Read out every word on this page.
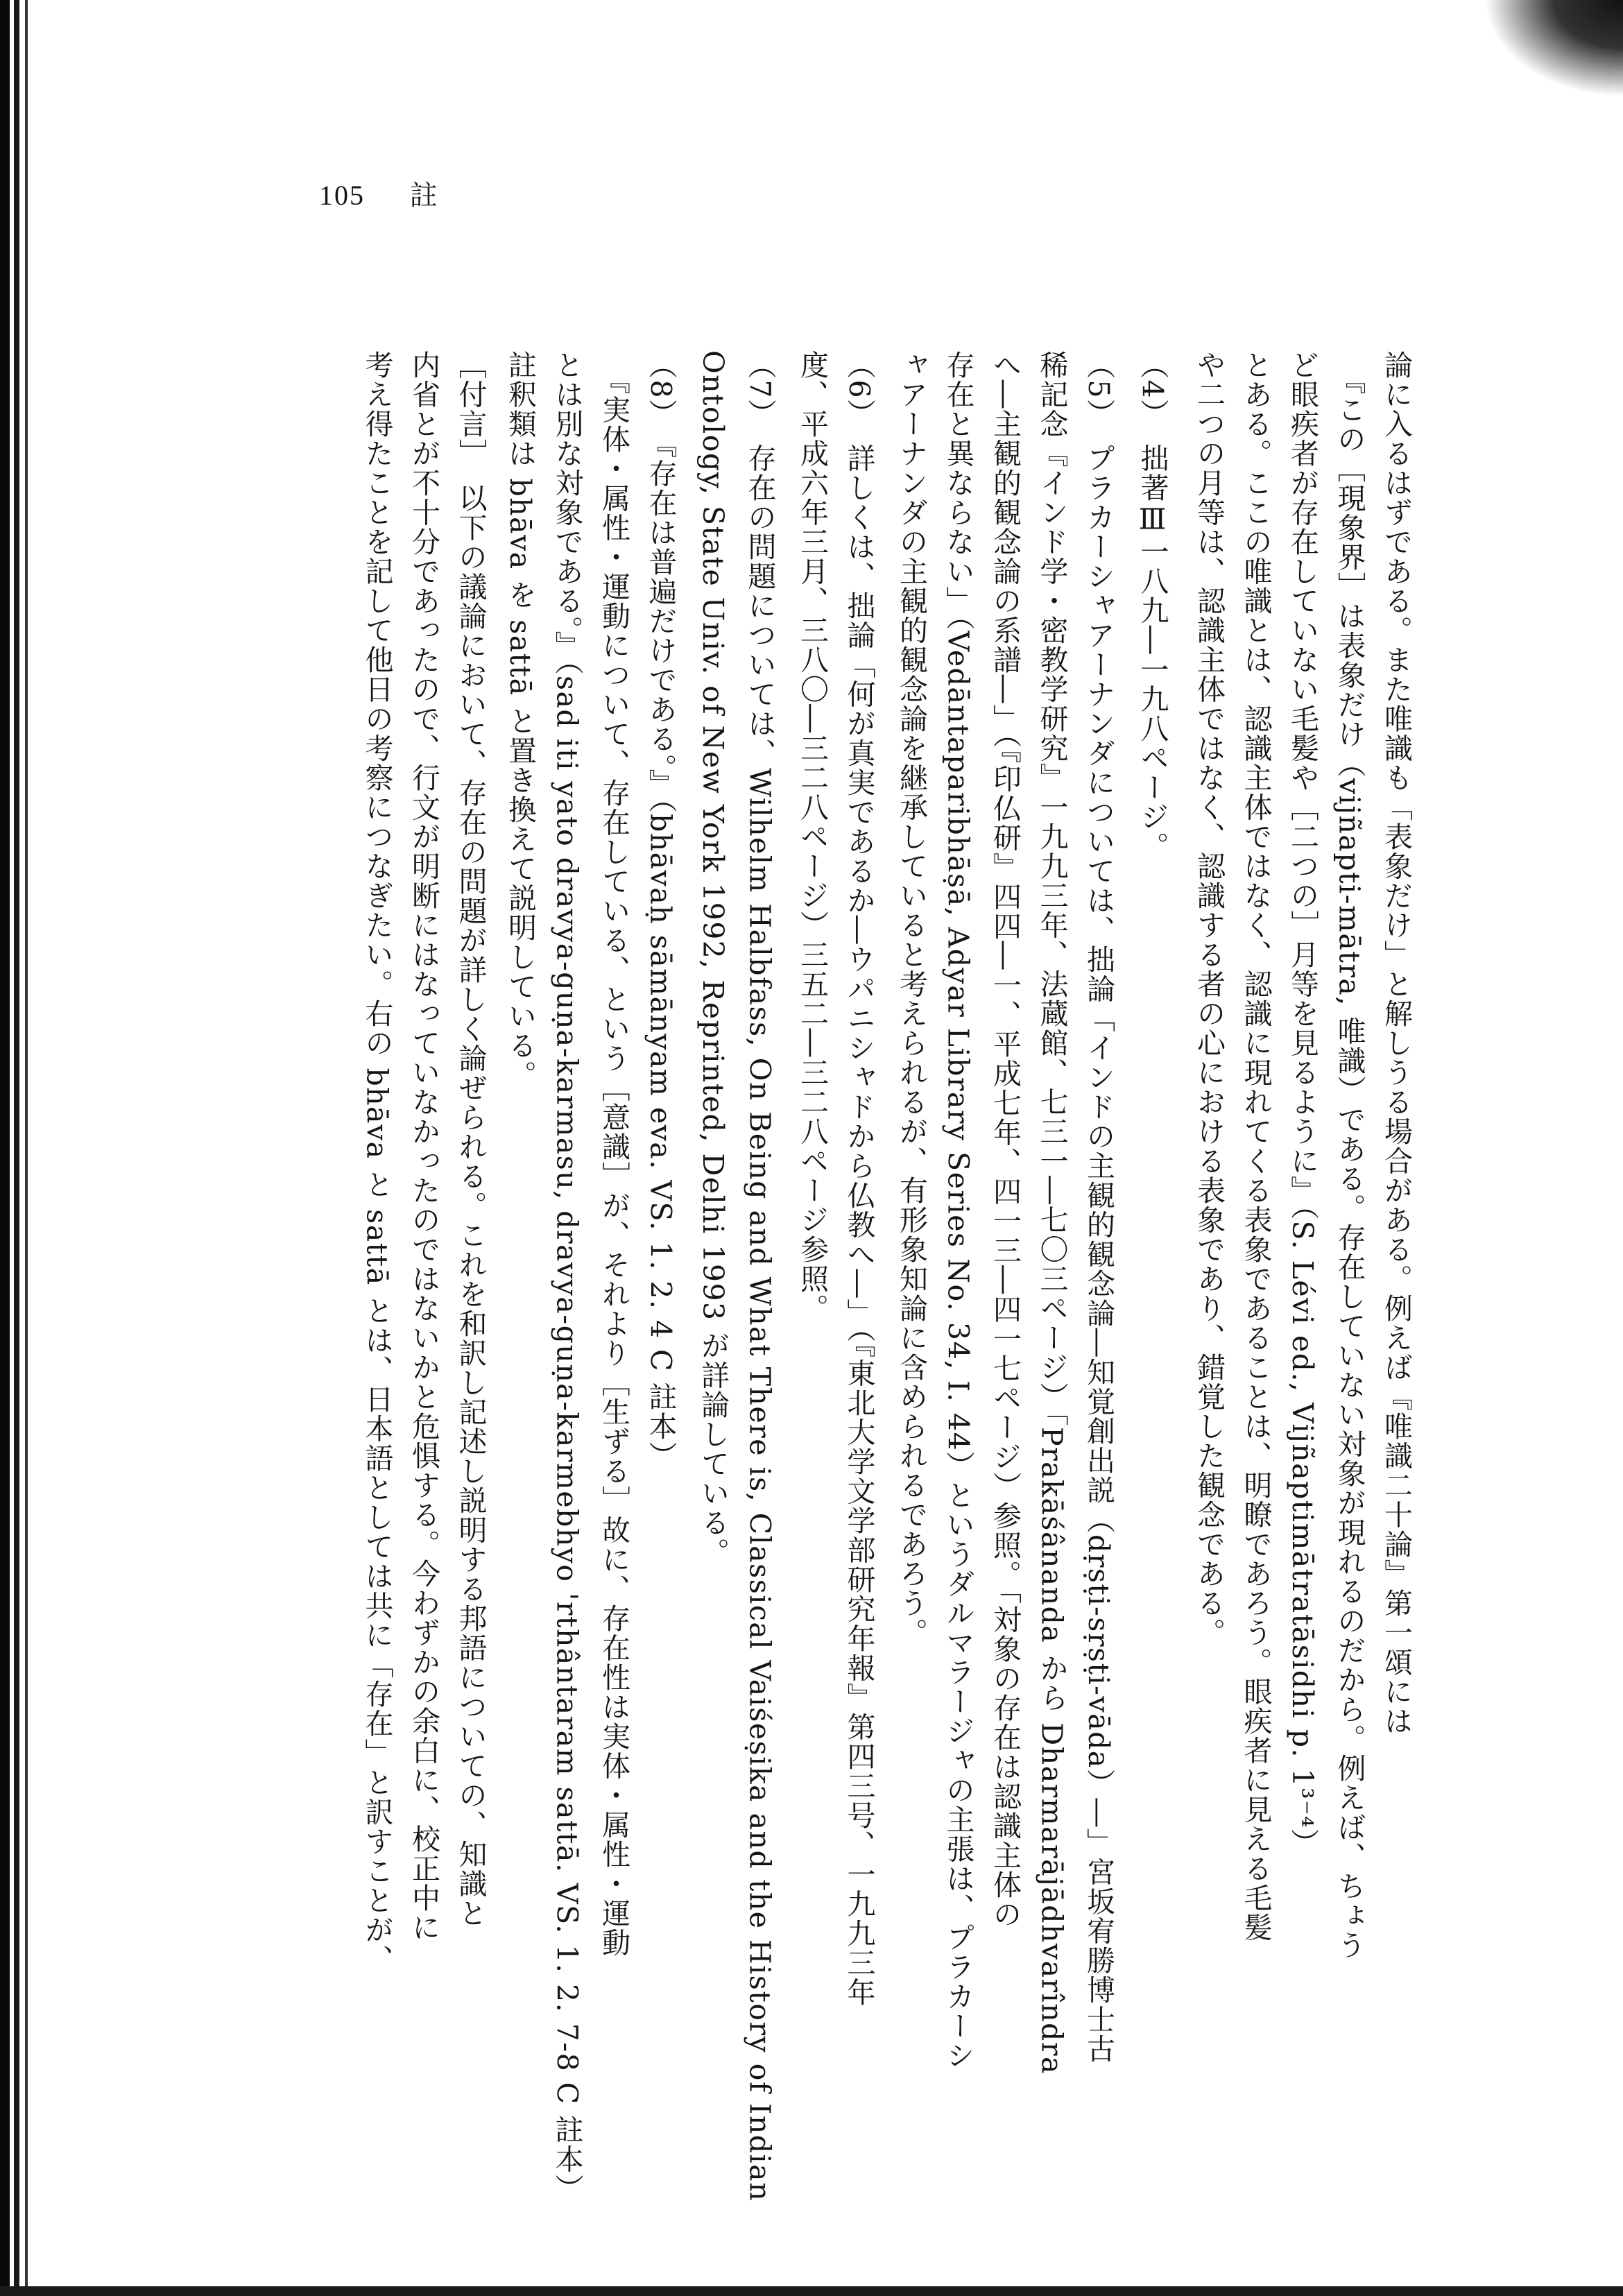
105 註
論に入るはずである。また唯識も「表象だけ」と解しうる場合がある。例えば『唯識二十論』第一頌には
　『この［現象界］は表象だけ（vijñapti-mātra, 唯識）である。存在していない対象が現れるのだから。例えば、ちょう
ど眼疾者が存在していない毛髪や［二つの］月等を見るように』（S. Lévi ed., Vijñaptimātratāsidhi p. 1³⁻⁴）
とある。ここの唯識とは、認識主体ではなく、認識に現れてくる表象であることは、明瞭であろう。眼疾者に見える毛髪
や二つの月等は、認識主体ではなく、認識する者の心における表象であり、錯覚した観念である。
（4）　拙著Ⅲ一八九―一九八ページ。
（5）　プラカーシャアーナンダについては、拙論「インドの主観的観念論―知覚創出説（dṛṣṭi-sṛṣṭi-vāda）―」宮坂宥勝博士古
稀記念『インド学・密教学研究』一九九三年、法蔵館、七三一―七〇三ページ）「Prakāśânanda から Dharmarājādhvarîndra
へ―主観的観念論の系譜―」（『印仏研』四四―一、平成七年、四一三―四一七ページ）参照。「対象の存在は認識主体の
存在と異ならない」（Vedāntaparibhāṣā, Adyar Library Series No. 34, I. 44）というダルマラージャの主張は、プラカーシ
ャアーナンダの主観的観念論を継承していると考えられるが、有形象知論に含められるであろう。
（6）　詳しくは、拙論「何が真実であるか―ウパニシャドから仏教へ―」（『東北大学文学部研究年報』第四三号、一九九三年
度、平成六年三月、三八〇―三二八ページ）三五二―三二八ページ参照。
（7）　存在の問題については、Wilhelm Halbfass, On Being and What There is, Classical Vaiśeṣika and the History of Indian
Ontology, State Univ. of New York 1992, Reprinted, Delhi 1993 が詳論している。
（8）　『存在は普遍だけである。』（bhāvaḥ sāmānyam eva. VS. 1. 2. 4 C 註本）
　『実体・属性・運動について、存在している、という［意識］が、それより［生ずる］故に、存在性は実体・属性・運動
とは別な対象である。』（sad iti yato dravya-guṇa-karmasu, dravya-guṇa-karmebhyo 'rthântaram sattā. VS. 1. 2. 7-8 C 註本）
註釈類は bhāva を sattā と置き換えて説明している。
［付言］　以下の議論において、存在の問題が詳しく論ぜられる。これを和訳し記述し説明する邦語についての、知識と
内省とが不十分であったので、行文が明断にはなっていなかったのではないかと危惧する。今わずかの余白に、校正中に
考え得たことを記して他日の考察につなぎたい。右の bhāva と sattā とは、日本語としては共に「存在」と訳すことが、
